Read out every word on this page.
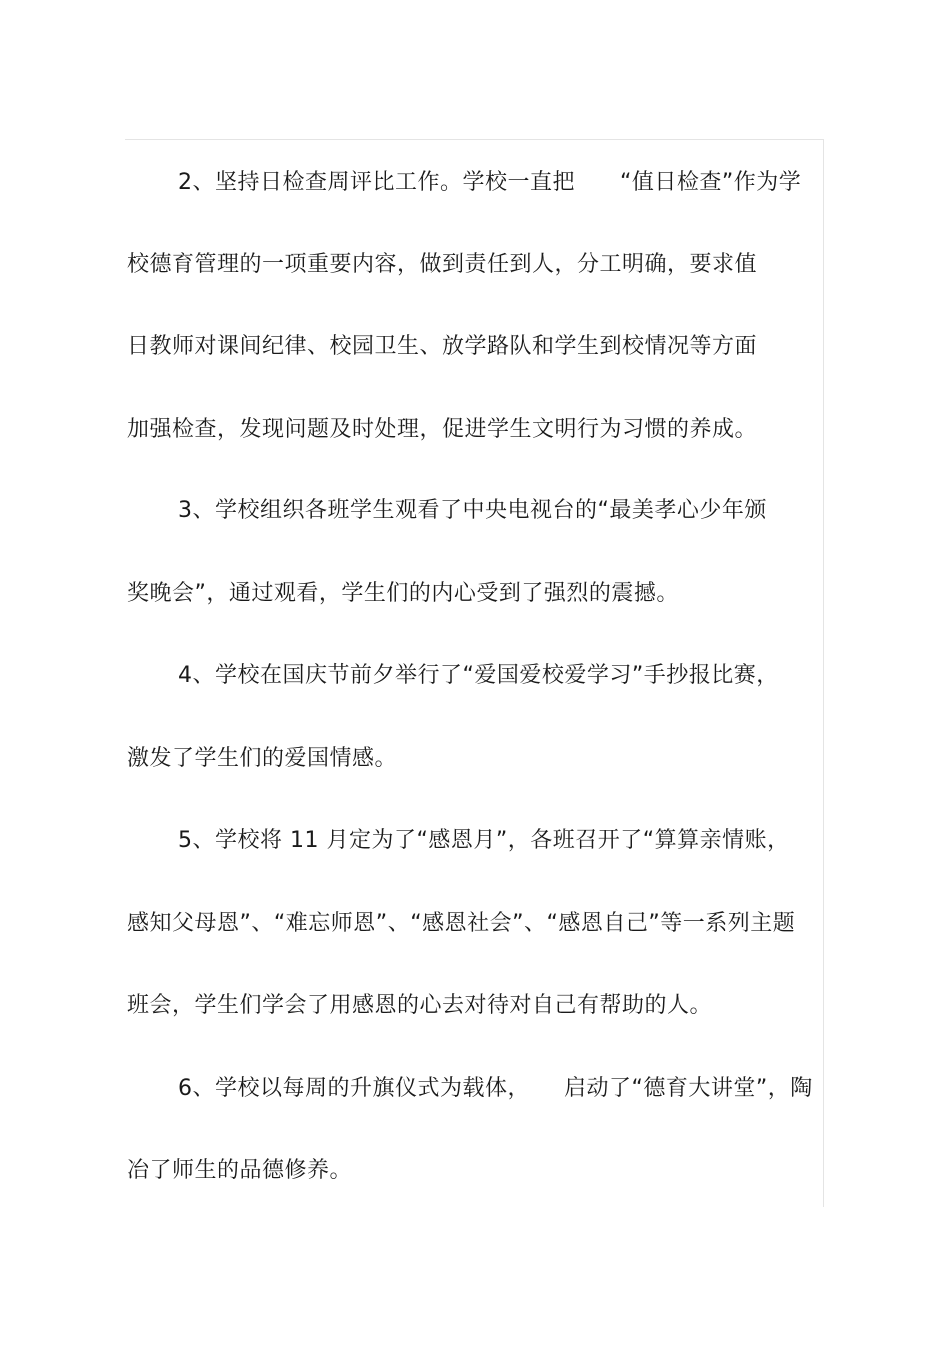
2、坚持日检查周评比工作。学校一直把　　“值日检查”作为学
校德育管理的一项重要内容，做到责任到人，分工明确，要求值
日教师对课间纪律、校园卫生、放学路队和学生到校情况等方面
加强检查，发现问题及时处理，促进学生文明行为习惯的养成。
3、学校组织各班学生观看了中央电视台的“最美孝心少年颁
奖晚会”，通过观看，学生们的内心受到了强烈的震撼。
4、学校在国庆节前夕举行了“爱国爱校爱学习”手抄报比赛，
激发了学生们的爱国情感。
5、学校将 11 月定为了“感恩月”，各班召开了“算算亲情账，
感知父母恩”、“难忘师恩”、“感恩社会”、“感恩自己”等一系列主题
班会，学生们学会了用感恩的心去对待对自己有帮助的人。
6、学校以每周的升旗仪式为载体，　　启动了“德育大讲堂”，陶
冶了师生的品德修养。
